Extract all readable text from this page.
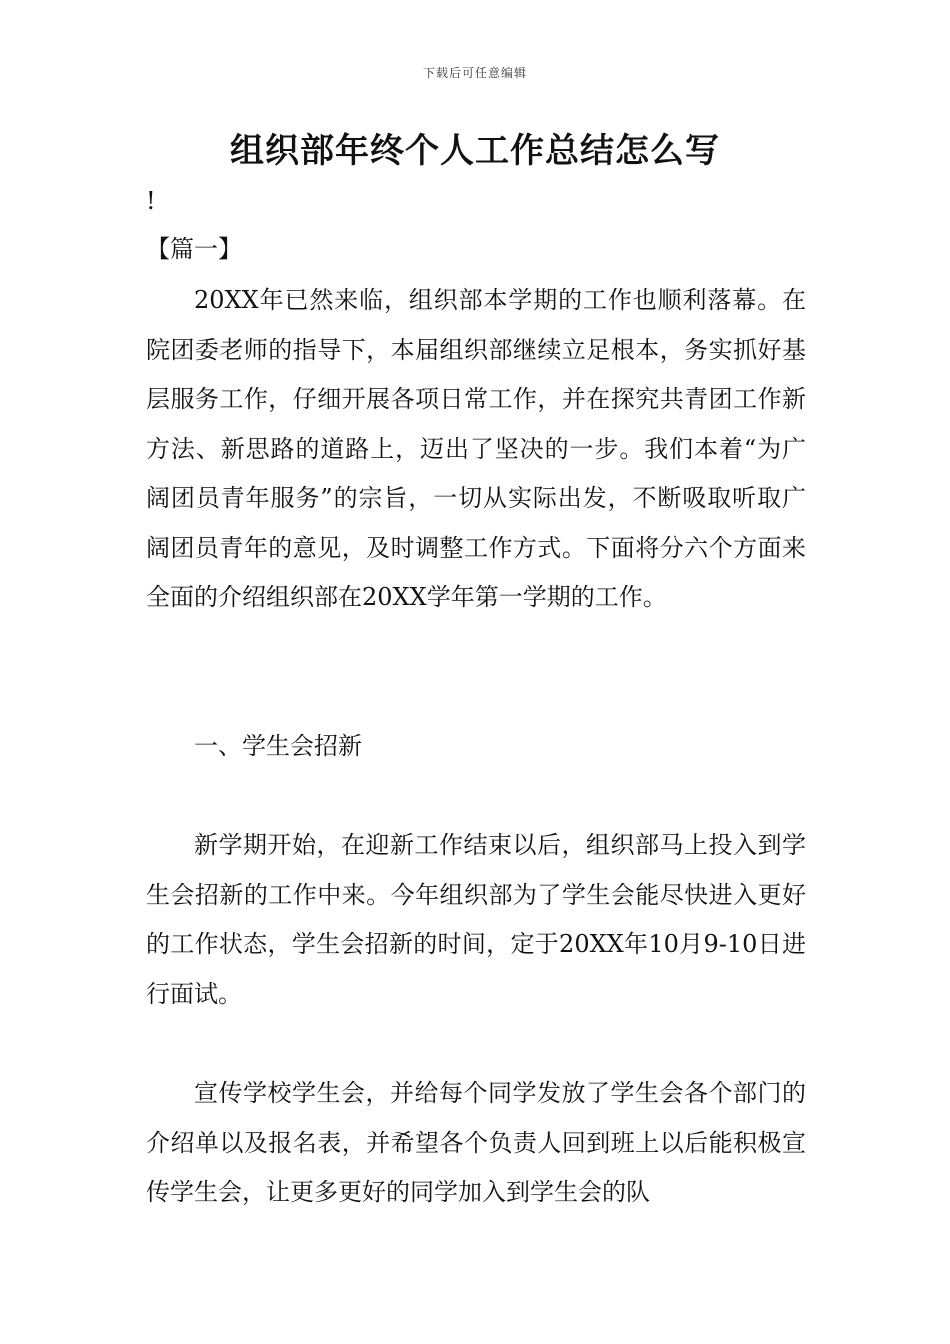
下载后可任意编辑
组织部年终个人工作总结怎么写
!
【篇一】

20XX年已然来临，组织部本学期的工作也顺利落幕。在院团委老师的指导下，本届组织部继续立足根本，务实抓好基层服务工作，仔细开展各项日常工作，并在探究共青团工作新方法、新思路的道路上，迈出了坚决的一步。我们本着“为广阔团员青年服务”的宗旨，一切从实际出发，不断吸取听取广阔团员青年的意见，及时调整工作方式。下面将分六个方面来全面的介绍组织部在20XX学年第一学期的工作。

一、学生会招新

新学期开始，在迎新工作结束以后，组织部马上投入到学生会招新的工作中来。今年组织部为了学生会能尽快进入更好的工作状态，学生会招新的时间，定于20XX年10月9-10日进行面试。

宣传学校学生会，并给每个同学发放了学生会各个部门的介绍单以及报名表，并希望各个负责人回到班上以后能积极宣传学生会，让更多更好的同学加入到学生会的队
